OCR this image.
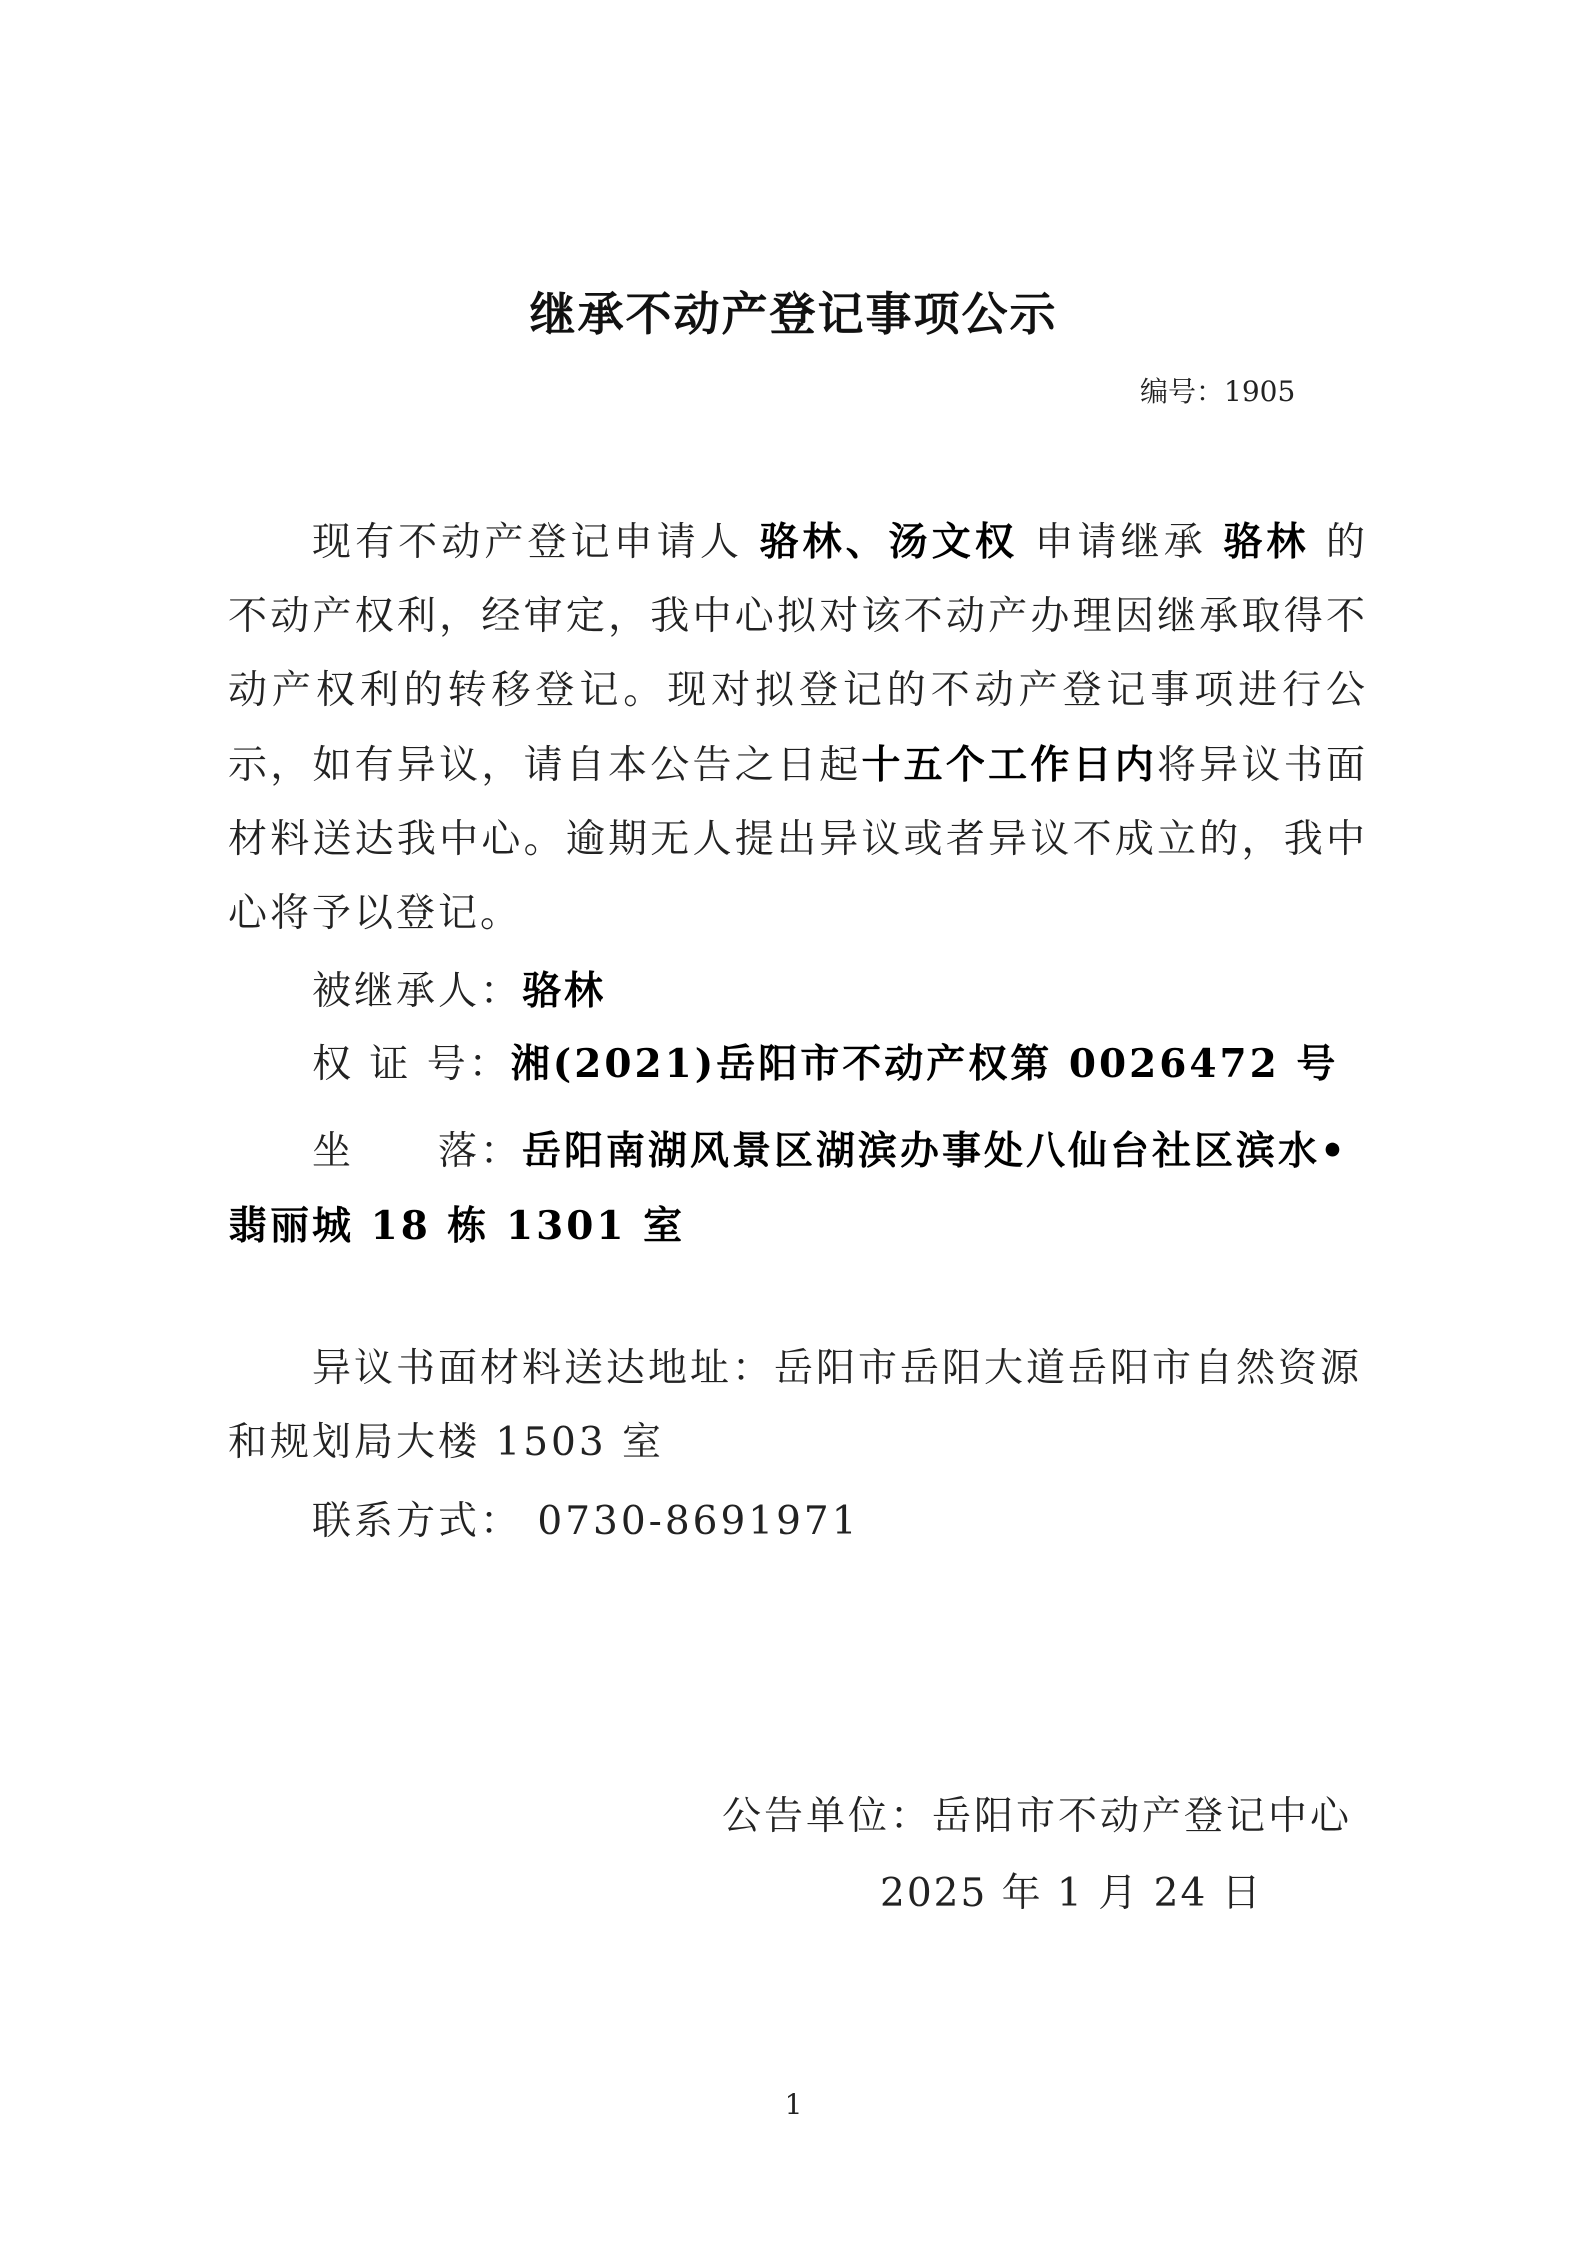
继承不动产登记事项公示
编号：1905
现有不动产登记申请人 骆林、汤文权 申请继承 骆林 的不动产权利，经审定，我中心拟对该不动产办理因继承取得不动产权利的转移登记。现对拟登记的不动产登记事项进行公示，如有异议，请自本公告之日起十五个工作日内将异议书面材料送达我中心。逾期无人提出异议或者异议不成立的，我中心将予以登记。
被继承人：骆林
权 证 号：湘(2021)岳阳市不动产权第 0026472 号
坐　　落：岳阳南湖风景区湖滨办事处八仙台社区滨水•翡丽城 18 栋 1301 室
异议书面材料送达地址：岳阳市岳阳大道岳阳市自然资源和规划局大楼 1503 室
联系方式： 0730-8691971
公告单位：岳阳市不动产登记中心
2025 年 1 月 24 日
1
